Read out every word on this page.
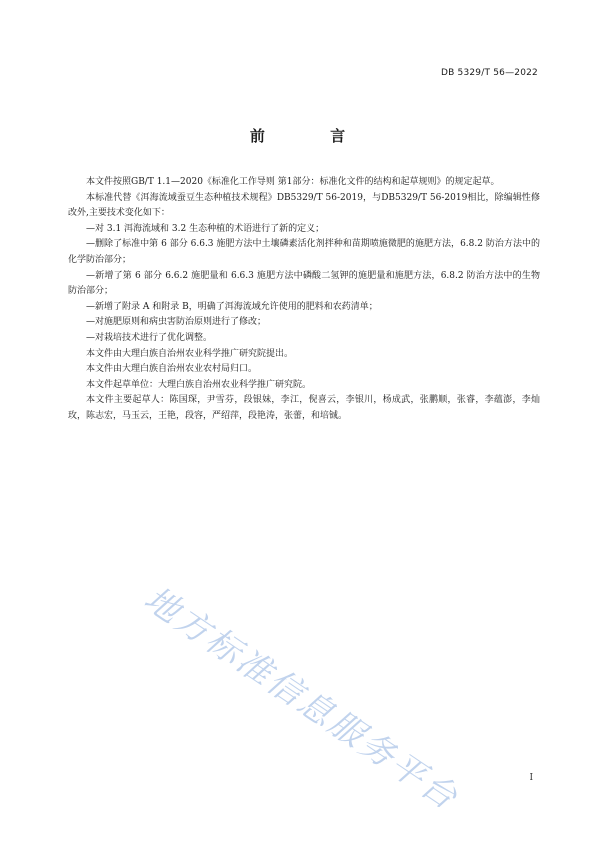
DB 5329/T 56—2022
前 言

本文件按照GB/T 1.1—2020《标准化工作导则 第1部分：标准化文件的结构和起草规则》的规定起草。

本标准代替《洱海流域蚕豆生态种植技术规程》DB5329/T 56-2019，与DB5329/T 56-2019相比，除编辑性修改外,主要技术变化如下：

—对 3.1 洱海流域和 3.2 生态种植的术语进行了新的定义；

—删除了标准中第 6 部分 6.6.3 施肥方法中土壤磷素活化剂拌种和苗期喷施微肥的施肥方法，6.8.2 防治方法中的化学防治部分；

—新增了第 6 部分 6.6.2 施肥量和 6.6.3 施肥方法中磷酸二氢钾的施肥量和施肥方法，6.8.2 防治方法中的生物防治部分；

—新增了附录 A 和附录 B，明确了洱海流域允许使用的肥料和农药清单；

—对施肥原则和病虫害防治原则进行了修改；

—对栽培技术进行了优化调整。

本文件由大理白族自治州农业科学推广研究院提出。

本文件由大理白族自治州农业农村局归口。

本文件起草单位：大理白族自治州农业科学推广研究院。

本文件主要起草人：陈国琛，尹雪芬，段银妹，李江，倪喜云，李银川，杨成武，张鹏顺，张睿，李蕴澎，李灿玫，陈志宏，马玉云，王艳，段容，严绍萍，段艳涛，张蕾，和培铖。

地方标准信息服务平台	I
